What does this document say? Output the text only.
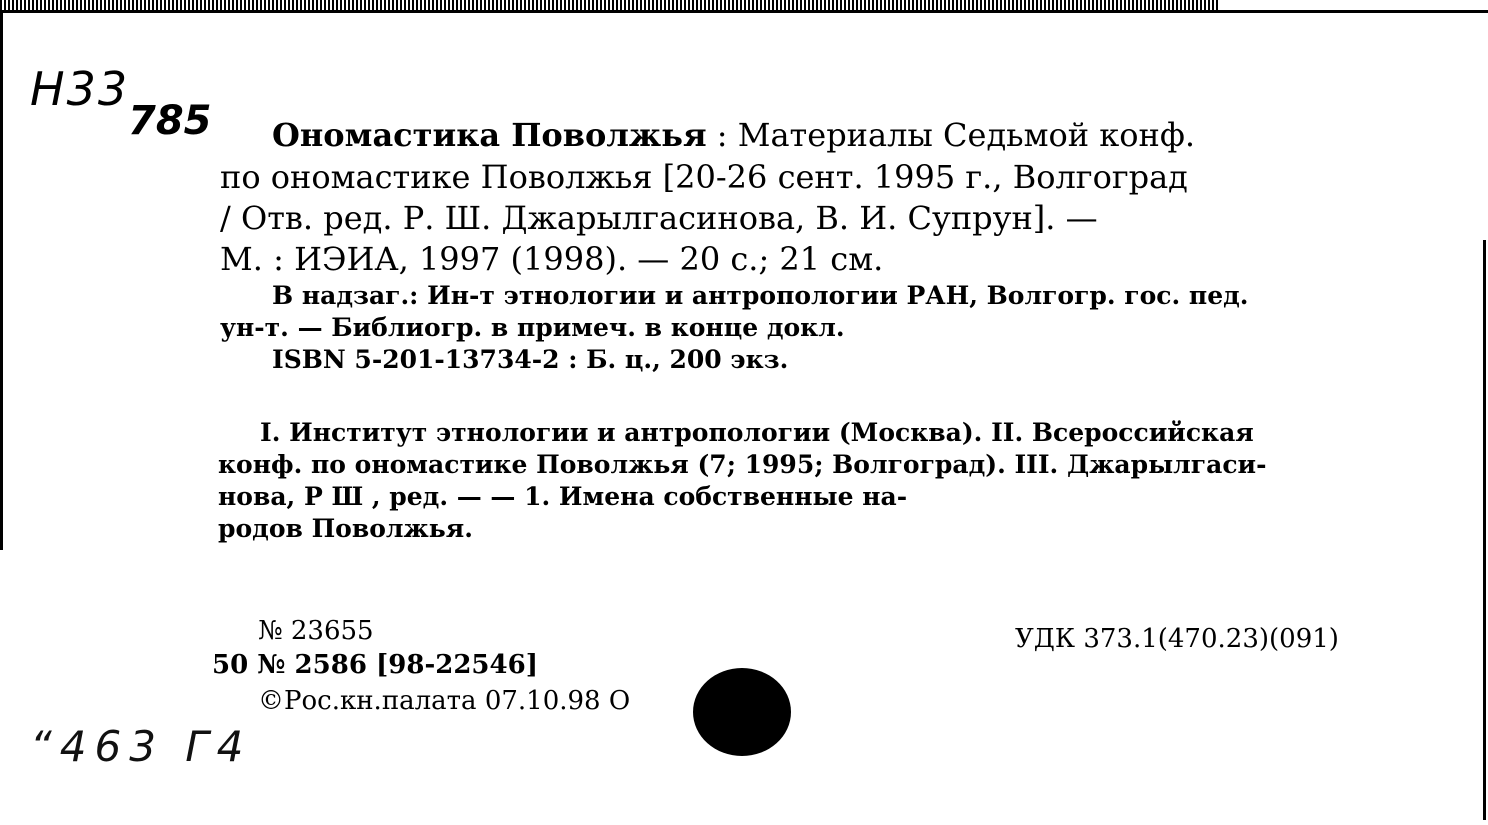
Н33
785 Ономастика Поволжья : Материалы Седьмой конф.
по ономастике Поволжья [20-26 сент. 1995 г., Волгоград
/ Отв. ред. Р. Ш. Джарылгасинова, В. И. Супрун]. —
М. : ИЭИА, 1997 (1998). — 20 с.; 21 см.
В надзаг.: Ин-т этнологии и антропологии РАН, Волгогр. гос. пед.
ун-т. — Библиогр. в примеч. в конце докл.
ISBN 5-201-13734-2 : Б. ц., 200 экз.
I. Институт этнологии и антропологии (Москва). II. Всероссийская
конф. по ономастике Поволжья (7; 1995; Волгоград). III. Джарылгаси-
нова, Р Ш , ред. — — 1. Имена собственные на-
родов Поволжья.
№ 23655
50 № 2586 [98-22546]
©Рос.кн.палата 07.10.98 О
УДК 373.1(470.23)(091)
“463 Г4
